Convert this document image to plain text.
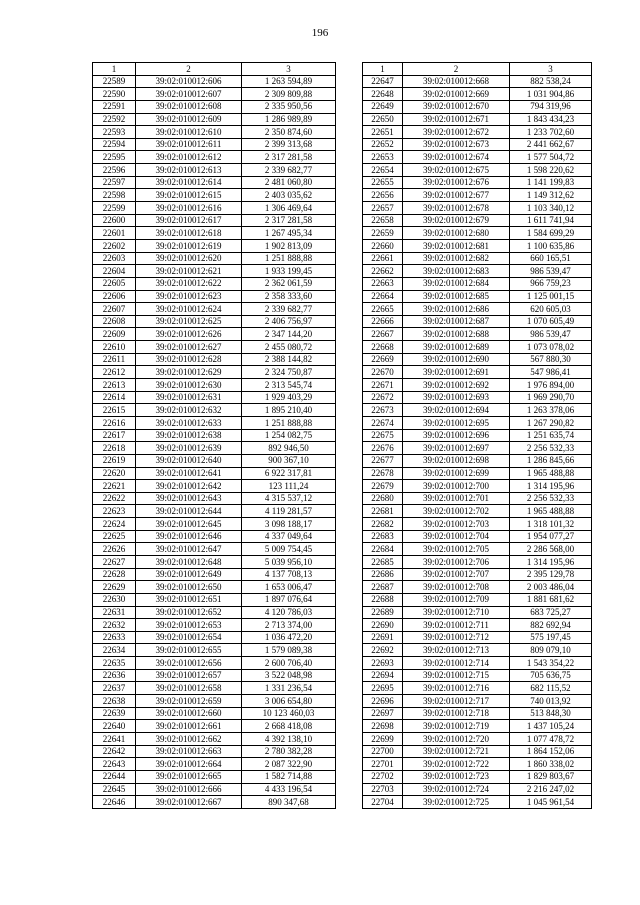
196
1	2	3
22589	39:02:010012:606	1 263 594,89
22590	39:02:010012:607	2 309 809,88
22591	39:02:010012:608	2 335 950,56
22592	39:02:010012:609	1 286 989,89
22593	39:02:010012:610	2 350 874,60
22594	39:02:010012:611	2 399 313,68
22595	39:02:010012:612	2 317 281,58
22596	39:02:010012:613	2 339 682,77
22597	39:02:010012:614	2 481 060,80
22598	39:02:010012:615	2 403 035,62
22599	39:02:010012:616	1 306 469,64
22600	39:02:010012:617	2 317 281,58
22601	39:02:010012:618	1 267 495,34
22602	39:02:010012:619	1 902 813,09
22603	39:02:010012:620	1 251 888,88
22604	39:02:010012:621	1 933 199,45
22605	39:02:010012:622	2 362 061,59
22606	39:02:010012:623	2 358 333,60
22607	39:02:010012:624	2 339 682,77
22608	39:02:010012:625	2 406 756,97
22609	39:02:010012:626	2 347 144,20
22610	39:02:010012:627	2 455 080,72
22611	39:02:010012:628	2 388 144,82
22612	39:02:010012:629	2 324 750,87
22613	39:02:010012:630	2 313 545,74
22614	39:02:010012:631	1 929 403,29
22615	39:02:010012:632	1 895 210,40
22616	39:02:010012:633	1 251 888,88
22617	39:02:010012:638	1 254 082,75
22618	39:02:010012:639	892 946,50
22619	39:02:010012:640	900 367,10
22620	39:02:010012:641	6 922 317,81
22621	39:02:010012:642	123 111,24
22622	39:02:010012:643	4 315 537,12
22623	39:02:010012:644	4 119 281,57
22624	39:02:010012:645	3 098 188,17
22625	39:02:010012:646	4 337 049,64
22626	39:02:010012:647	5 009 754,45
22627	39:02:010012:648	5 039 956,10
22628	39:02:010012:649	4 137 708,13
22629	39:02:010012:650	1 653 006,47
22630	39:02:010012:651	1 897 076,64
22631	39:02:010012:652	4 120 786,03
22632	39:02:010012:653	2 713 374,00
22633	39:02:010012:654	1 036 472,20
22634	39:02:010012:655	1 579 089,38
22635	39:02:010012:656	2 600 706,40
22636	39:02:010012:657	3 522 048,98
22637	39:02:010012:658	1 331 236,54
22638	39:02:010012:659	3 006 654,80
22639	39:02:010012:660	10 123 460,03
22640	39:02:010012:661	2 668 418,08
22641	39:02:010012:662	4 392 138,10
22642	39:02:010012:663	2 780 382,28
22643	39:02:010012:664	2 087 322,90
22644	39:02:010012:665	1 582 714,88
22645	39:02:010012:666	4 433 196,54
22646	39:02:010012:667	890 347,68
1	2	3
22647	39:02:010012:668	882 538,24
22648	39:02:010012:669	1 031 904,86
22649	39:02:010012:670	794 319,96
22650	39:02:010012:671	1 843 434,23
22651	39:02:010012:672	1 233 702,60
22652	39:02:010012:673	2 441 662,67
22653	39:02:010012:674	1 577 504,72
22654	39:02:010012:675	1 598 220,62
22655	39:02:010012:676	1 141 199,83
22656	39:02:010012:677	1 149 312,62
22657	39:02:010012:678	1 103 340,12
22658	39:02:010012:679	1 611 741,94
22659	39:02:010012:680	1 584 699,29
22660	39:02:010012:681	1 100 635,86
22661	39:02:010012:682	660 165,51
22662	39:02:010012:683	986 539,47
22663	39:02:010012:684	966 759,23
22664	39:02:010012:685	1 125 001,15
22665	39:02:010012:686	620 605,03
22666	39:02:010012:687	1 070 605,49
22667	39:02:010012:688	986 539,47
22668	39:02:010012:689	1 073 078,02
22669	39:02:010012:690	567 880,30
22670	39:02:010012:691	547 986,41
22671	39:02:010012:692	1 976 894,00
22672	39:02:010012:693	1 969 290,70
22673	39:02:010012:694	1 263 378,06
22674	39:02:010012:695	1 267 290,82
22675	39:02:010012:696	1 251 635,74
22676	39:02:010012:697	2 256 532,33
22677	39:02:010012:698	1 286 845,66
22678	39:02:010012:699	1 965 488,88
22679	39:02:010012:700	1 314 195,96
22680	39:02:010012:701	2 256 532,33
22681	39:02:010012:702	1 965 488,88
22682	39:02:010012:703	1 318 101,32
22683	39:02:010012:704	1 954 077,27
22684	39:02:010012:705	2 286 568,00
22685	39:02:010012:706	1 314 195,96
22686	39:02:010012:707	2 395 129,78
22687	39:02:010012:708	2 003 486,04
22688	39:02:010012:709	1 881 681,62
22689	39:02:010012:710	683 725,27
22690	39:02:010012:711	882 692,94
22691	39:02:010012:712	575 197,45
22692	39:02:010012:713	809 079,10
22693	39:02:010012:714	1 543 354,22
22694	39:02:010012:715	705 636,75
22695	39:02:010012:716	682 115,52
22696	39:02:010012:717	740 013,92
22697	39:02:010012:718	513 848,30
22698	39:02:010012:719	1 437 105,24
22699	39:02:010012:720	1 077 478,72
22700	39:02:010012:721	1 864 152,06
22701	39:02:010012:722	1 860 338,02
22702	39:02:010012:723	1 829 803,67
22703	39:02:010012:724	2 216 247,02
22704	39:02:010012:725	1 045 961,54
